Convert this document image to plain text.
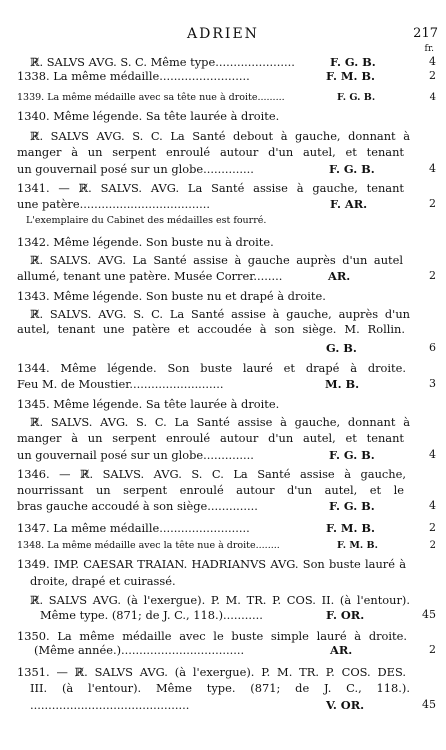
ADRIEN	217
fr.
ℝ̸. SALVS AVG. S. C. Même type......................	F. G. B.	4
1338. La même médaille.........................	F. M. B.	2
1339. La même médaille avec sa tête nue à droite.........	F. G. B.	4
1340. Même légende. Sa tête laurée à droite.
ℝ̸. SALVS AVG. S. C. La Santé debout à gauche, donnant à
manger à un serpent enroulé autour d'un autel, et tenant
un gouvernail posé sur un globe..............	F. G. B.	4
1341. — ℝ̸. SALVS. AVG. La Santé assise à gauche, tenant
une patère....................................	F. AR.	2
L'exemplaire du Cabinet des médailles est fourré.
1342. Même légende. Son buste nu à droite.
ℝ̸. SALVS. AVG. La Santé assise à gauche auprès d'un autel
allumé, tenant une patère. Musée Correr........	AR.	2
1343. Même légende. Son buste nu et drapé à droite.
ℝ̸. SALVS. AVG. S. C. La Santé assise à gauche, auprès d'un
autel, tenant une patère et accoudée à son siège. M. Rollin.
G. B.	6
1344. Même légende. Son buste lauré et drapé à droite.
Feu M. de Moustier..........................	M. B.	3
1345. Même légende. Sa tête laurée à droite.
ℝ̸. SALVS. AVG. S. C. La Santé assise à gauche, donnant à
manger à un serpent enroulé autour d'un autel, et tenant
un gouvernail posé sur un globe..............	F. G. B.	4
1346. — ℝ̸. SALVS. AVG. S. C. La Santé assise à gauche,
nourrissant un serpent enroulé autour d'un autel, et le
bras gauche accoudé à son siège..............	F. G. B.	4
1347. La même médaille.........................	F. M. B.	2
1348. La même médaille avec la tête nue à droite........	F. M. B.	2
1349. IMP. CAESAR TRAIAN. HADRIANVS AVG. Son buste lauré à
droite, drapé et cuirassé.
ℝ̸. SALVS AVG. (à l'exergue). P. M. TR. P. COS. II. (à l'entour).
Même type. (871; de J. C., 118.)...........	F. OR.	45
1350. La même médaille avec le buste simple lauré à droite.
(Même année.)..................................	AR.	2
1351. — ℝ̸. SALVS AVG. (à l'exergue). P. M. TR. P. COS. DES.
III. (à l'entour). Même type. (871; de J. C., 118.).
............................................	V. OR.	45
